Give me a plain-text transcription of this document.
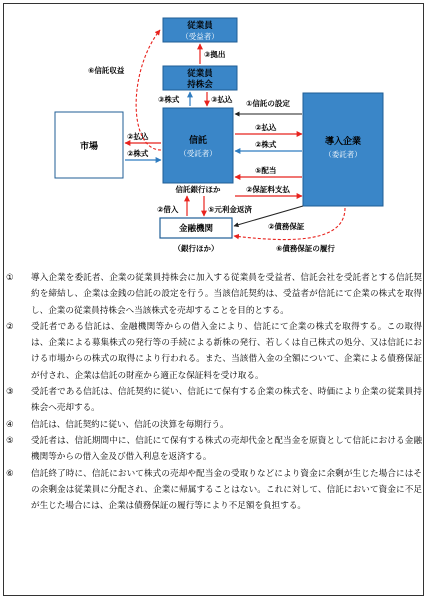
従業員
（受益者）
従業員
持株会
市場
信託
（受託者）
信託銀行ほか
導入企業
（委託者）
金融機関
（銀行ほか）
③拠出
③株式	③払込 ①信託の設定
②払込
②株式
⑤配当
②保証料支払
②払込
②株式
②借入	⑤元利金返済
②債務保証
⑥債務保証の履行
⑥信託収益
①	導入企業を委託者、企業の従業員持株会に加入する従業員を受益者、信託会社を受託者とする信託契約を締結し、企業は金銭の信託の設定を行う。当該信託契約は、受益者が信託にて企業の株式を取得し、企業の従業員持株会へ当該株式を売却することを目的とする。
②	受託者である信託は、金融機関等からの借入金により、信託にて企業の株式を取得する。この取得は、企業による募集株式の発行等の手続による新株の発行、若しくは自己株式の処分、又は信託における市場からの株式の取得により行われる。また、当該借入金の全額について、企業による債務保証が付され、企業は信託の財産から適正な保証料を受け取る。
③	受託者である信託は、信託契約に従い、信託にて保有する企業の株式を、時価により企業の従業員持株会へ売却する。
④	信託は、信託契約に従い、信託の決算を毎期行う。
⑤	受託者は、信託期間中に、信託にて保有する株式の売却代金と配当金を原資として信託における金融機関等からの借入金及び借入利息を返済する。
⑥	信託終了時に、信託において株式の売却や配当金の受取りなどにより資金に余剰が生じた場合にはその余剰金は従業員に分配され、企業に帰属することはない。これに対して、信託において資金に不足が生じた場合には、企業は債務保証の履行等により不足額を負担する。
